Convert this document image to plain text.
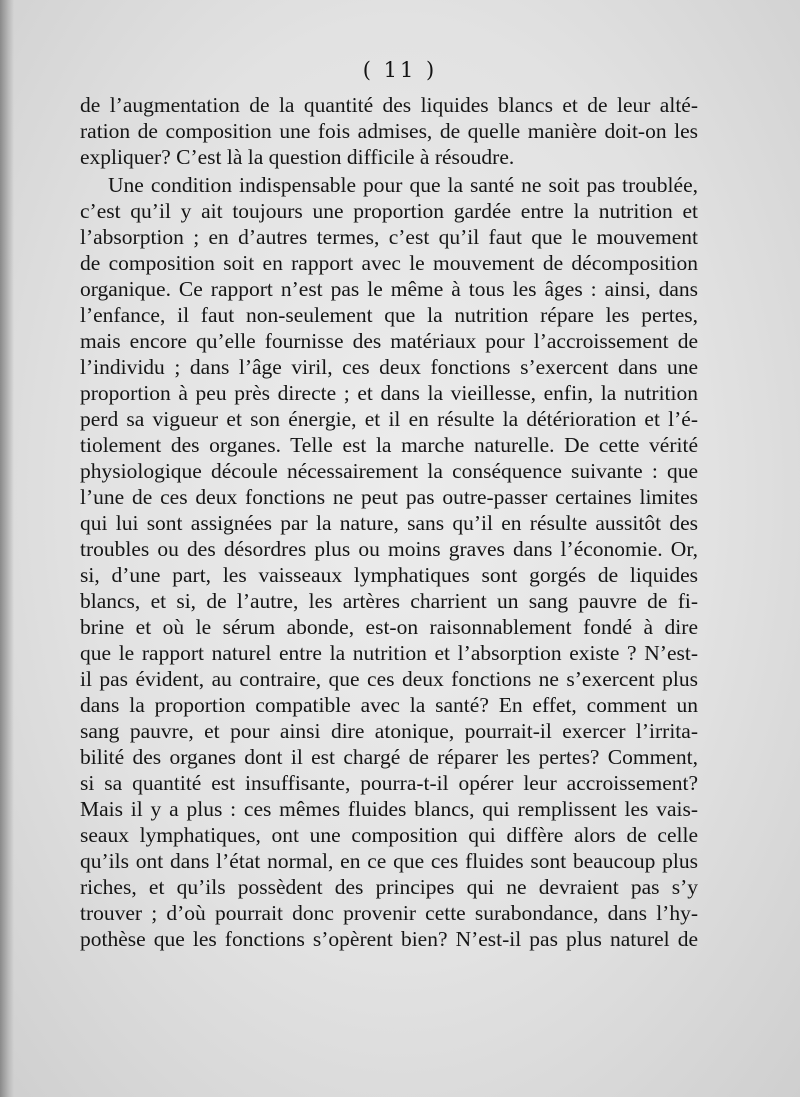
( 11 )
de l’augmentation de la quantité des liquides blancs et de leur alté-
ration de composition une fois admises, de quelle manière doit-on les
expliquer? C’est là la question difficile à résoudre.
Une condition indispensable pour que la santé ne soit pas troublée,
c’est qu’il y ait toujours une proportion gardée entre la nutrition et
l’absorption ; en d’autres termes, c’est qu’il faut que le mouvement
de composition soit en rapport avec le mouvement de décomposition
organique. Ce rapport n’est pas le même à tous les âges : ainsi, dans
l’enfance, il faut non-seulement que la nutrition répare les pertes,
mais encore qu’elle fournisse des matériaux pour l’accroissement de
l’individu ; dans l’âge viril, ces deux fonctions s’exercent dans une
proportion à peu près directe ; et dans la vieillesse, enfin, la nutrition
perd sa vigueur et son énergie, et il en résulte la détérioration et l’é-
tiolement des organes. Telle est la marche naturelle. De cette vérité
physiologique découle nécessairement la conséquence suivante : que
l’une de ces deux fonctions ne peut pas outre-passer certaines limites
qui lui sont assignées par la nature, sans qu’il en résulte aussitôt des
troubles ou des désordres plus ou moins graves dans l’économie. Or,
si, d’une part, les vaisseaux lymphatiques sont gorgés de liquides
blancs, et si, de l’autre, les artères charrient un sang pauvre de fi-
brine et où le sérum abonde, est-on raisonnablement fondé à dire
que le rapport naturel entre la nutrition et l’absorption existe ? N’est-
il pas évident, au contraire, que ces deux fonctions ne s’exercent plus
dans la proportion compatible avec la santé? En effet, comment un
sang pauvre, et pour ainsi dire atonique, pourrait-il exercer l’irrita-
bilité des organes dont il est chargé de réparer les pertes? Comment,
si sa quantité est insuffisante, pourra-t-il opérer leur accroissement?
Mais il y a plus : ces mêmes fluides blancs, qui remplissent les vais-
seaux lymphatiques, ont une composition qui diffère alors de celle
qu’ils ont dans l’état normal, en ce que ces fluides sont beaucoup plus
riches, et qu’ils possèdent des principes qui ne devraient pas s’y
trouver ; d’où pourrait donc provenir cette surabondance, dans l’hy-
pothèse que les fonctions s’opèrent bien? N’est-il pas plus naturel de
